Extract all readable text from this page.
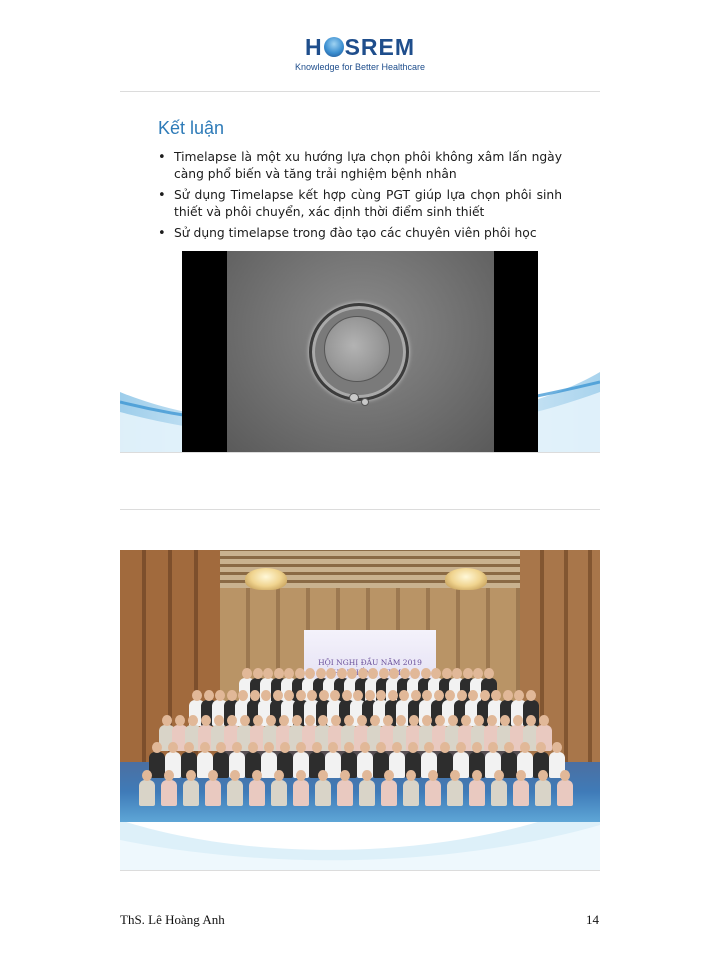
H SREM
Knowledge for Better Healthcare
Kết luận
• Timelapse là một xu hướng lựa chọn phôi không xâm lấn ngày càng phổ biến và tăng trải nghiệm bệnh nhân
• Sử dụng Timelapse kết hợp cùng PGT giúp lựa chọn phôi sinh thiết và phôi chuyển, xác định thời điểm sinh thiết
• Sử dụng timelapse trong đào tạo các chuyên viên phôi học
HỘI NGHỊ ĐẦU NĂM 2019
ThS. Lê Hoàng Anh	14
